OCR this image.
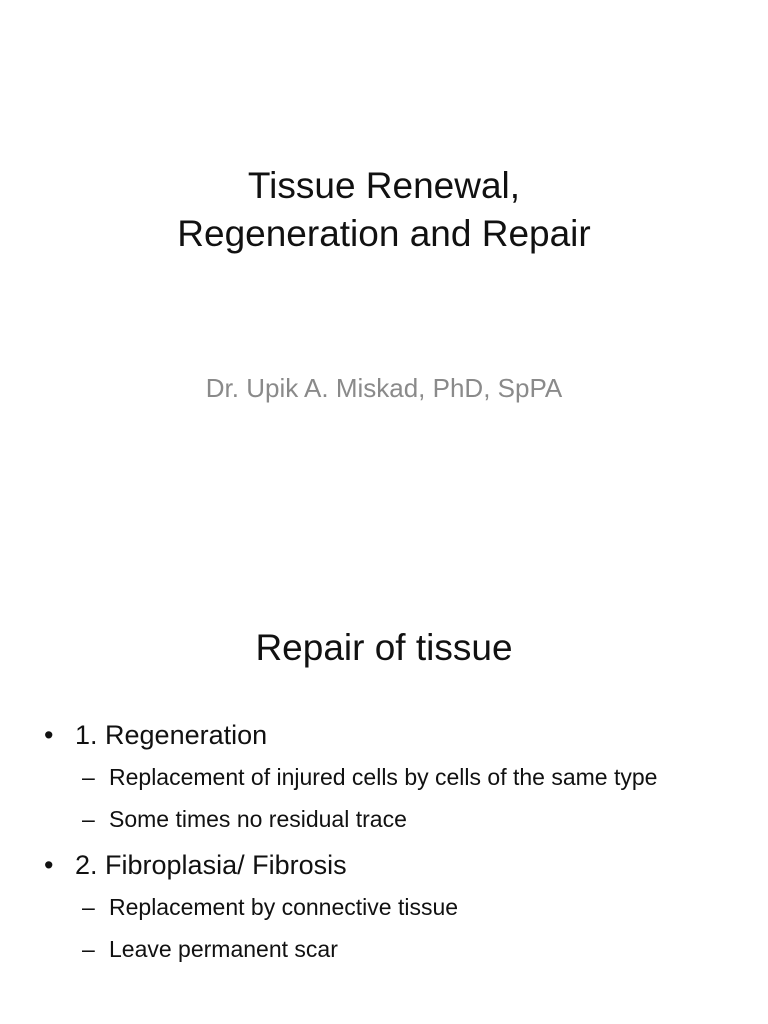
Tissue Renewal,
Regeneration and Repair
Dr. Upik A. Miskad, PhD, SpPA
Repair of tissue
• 1. Regeneration
– Replacement of injured cells by cells of the same type
– Some times no residual trace
• 2. Fibroplasia/ Fibrosis
– Replacement by connective tissue
– Leave permanent scar
